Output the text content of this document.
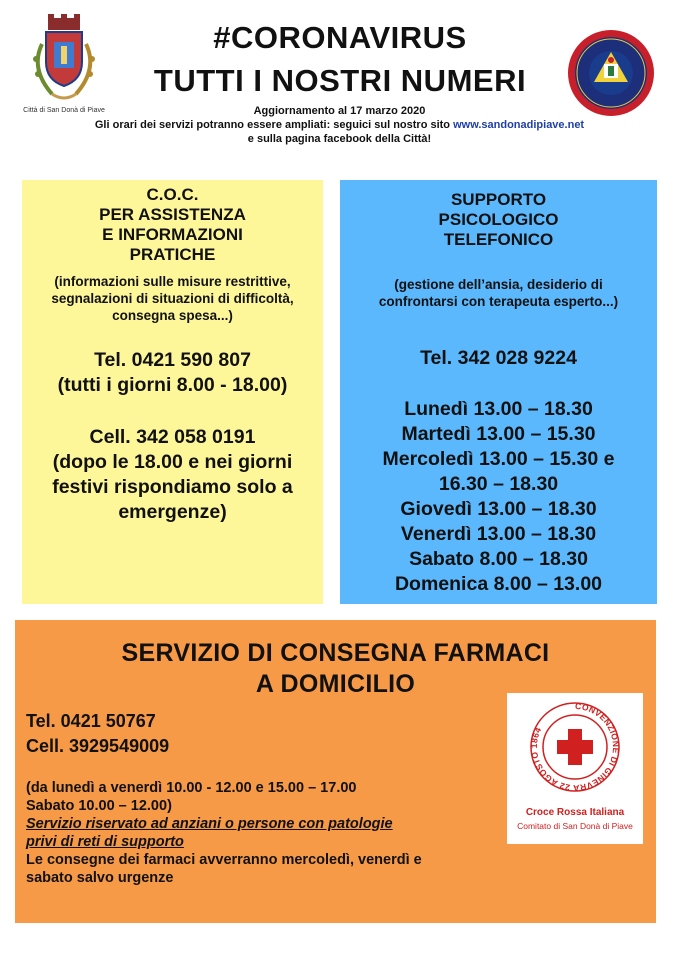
Città di San Donà di Piave
#CORONAVIRUS
TUTTI I NOSTRI NUMERI
Aggiornamento al 17 marzo 2020
Gli orari dei servizi potranno essere ampliati: seguici sul nostro sito www.sandonadipiave.net
e sulla pagina facebook della Città!
C.O.C.
PER ASSISTENZA
E INFORMAZIONI
PRATICHE
(informazioni sulle misure restrittive,
segnalazioni di situazioni di difficoltà,
consegna spesa...)
Tel. 0421 590 807
(tutti i giorni 8.00 - 18.00)
Cell. 342 058 0191
(dopo le 18.00 e nei giorni
festivi rispondiamo solo a
emergenze)
SUPPORTO
PSICOLOGICO
TELEFONICO
(gestione dell’ansia, desiderio di
confrontarsi con terapeuta esperto...)
Tel. 342 028 9224
Lunedì 13.00 – 18.30
Martedì 13.00 – 15.30
Mercoledì 13.00 – 15.30 e
16.30 – 18.30
Giovedì 13.00 – 18.30
Venerdì 13.00 – 18.30
Sabato 8.00 – 18.30
Domenica 8.00 – 13.00
SERVIZIO DI CONSEGNA FARMACI
A DOMICILIO
Tel. 0421 50767
Cell. 3929549009
(da lunedì a venerdì 10.00 - 12.00 e 15.00 – 17.00
Sabato 10.00 – 12.00)
Servizio riservato ad anziani o persone con patologie
privi di reti di supporto
Le consegne dei farmaci avverranno mercoledì, venerdì e
sabato salvo urgenze
CONVENZIONE DI GINEVRA 22 AGOSTO 1864
Croce Rossa Italiana
Comitato di San Donà di Piave
